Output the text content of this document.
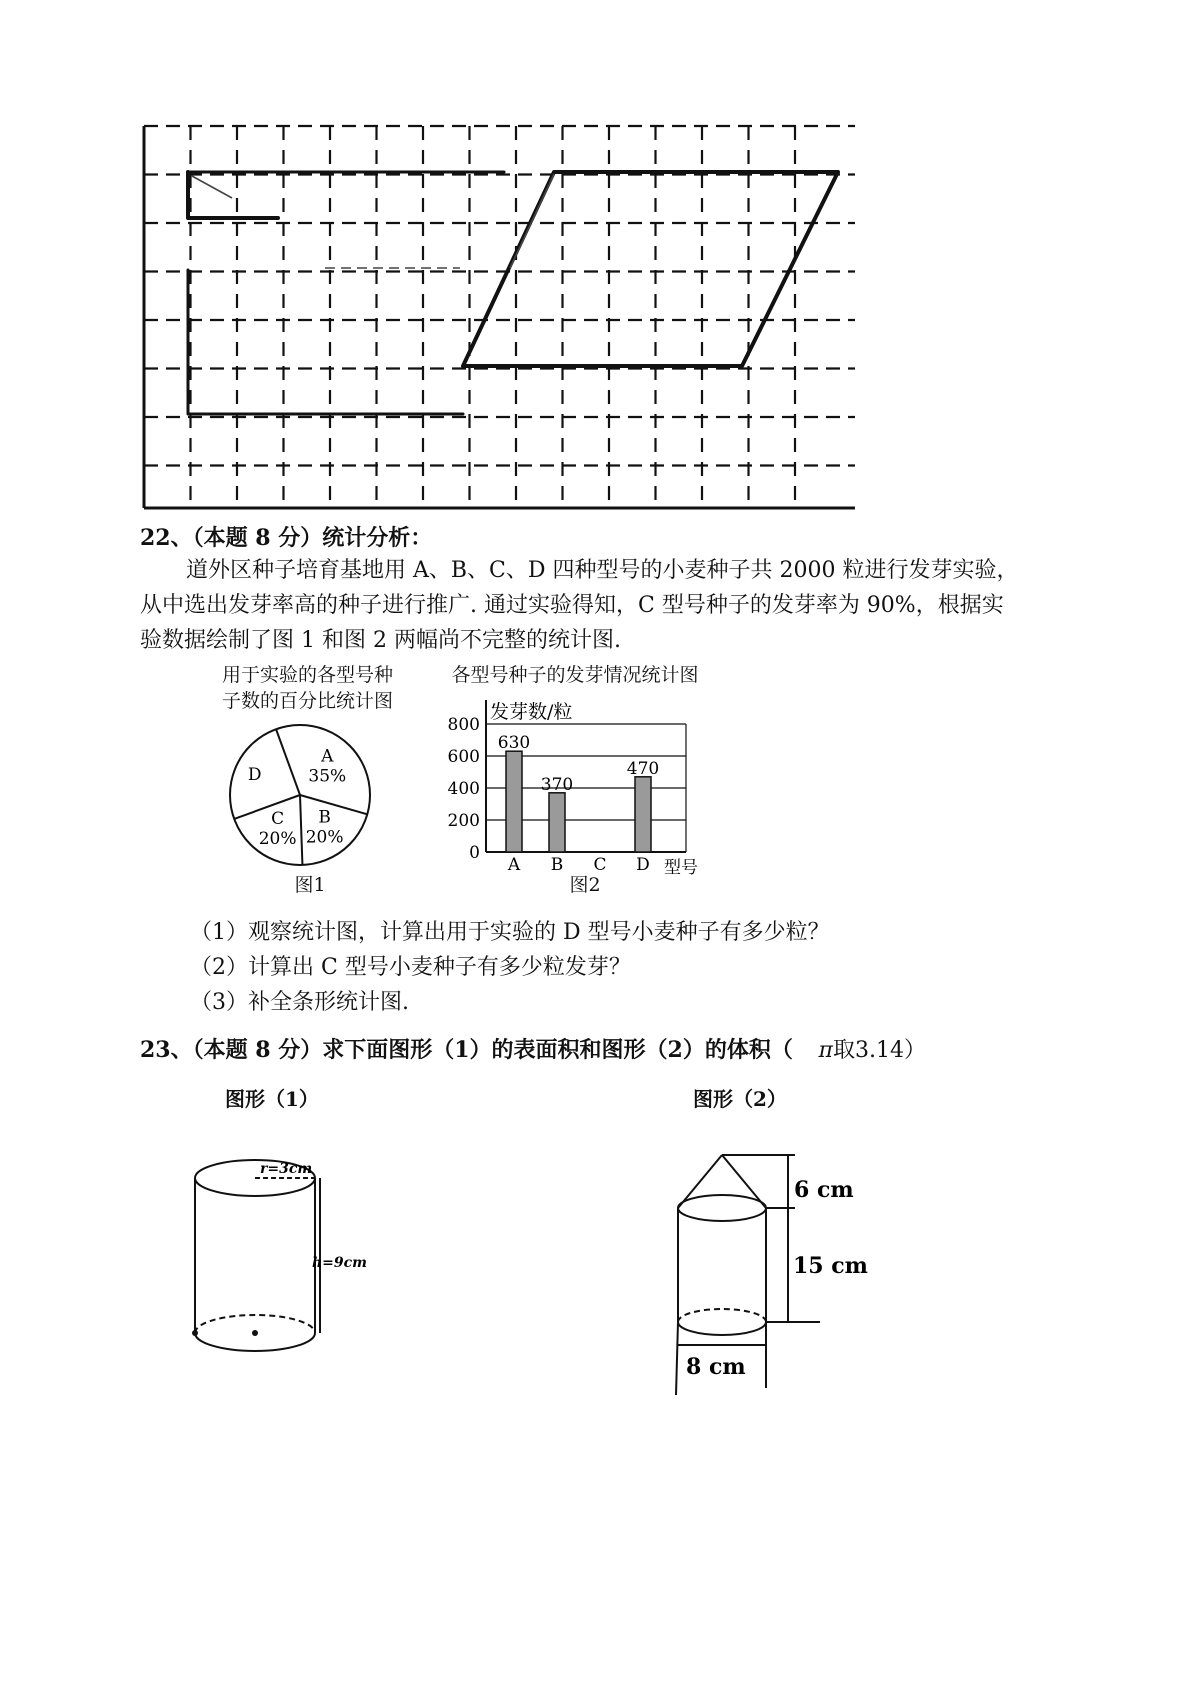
22、（本题 8 分）统计分析：
道外区种子培育基地用 A、B、C、D 四种型号的小麦种子共 2000 粒进行发芽实验，
从中选出发芽率高的种子进行推广. 通过实验得知，C 型号种子的发芽率为 90%，根据实
验数据绘制了图 1 和图 2 两幅尚不完整的统计图.
用于实验的各型号种
子数的百分比统计图
各型号种子的发芽情况统计图
A
35%
B
20%
C
20%
D
图1
0
200
400
600
800
发芽数/粒
630
A
370
B C
470
D 型号
图2
（1）观察统计图，计算出用于实验的 D 型号小麦种子有多少粒？
（2）计算出 C 型号小麦种子有多少粒发芽？
（3）补全条形统计图.
23、（本题 8 分）求下面图形（1）的表面积和图形（2）的体积（ π取3.14）
图形（1）	图形（2）
r=3cm
h=9cm
6 cm
15 cm
8 cm
